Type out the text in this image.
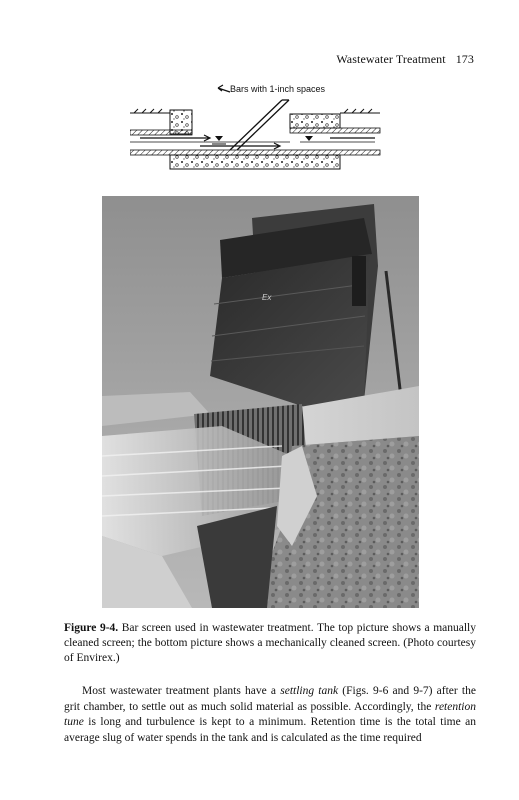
Wastewater Treatment 173
Bars with 1-inch spaces
Ex
Figure 9-4. Bar screen used in wastewater treatment. The top picture shows a manually cleaned screen; the bottom picture shows a mechanically cleaned screen. (Photo courtesy of Envirex.)

Most wastewater treatment plants have a settling tank (Figs. 9-6 and 9-7) after the grit chamber, to settle out as much solid material as possible. Accordingly, the retention tune is long and turbulence is kept to a minimum. Retention time is the total time an average slug of water spends in the tank and is calculated as the time required
